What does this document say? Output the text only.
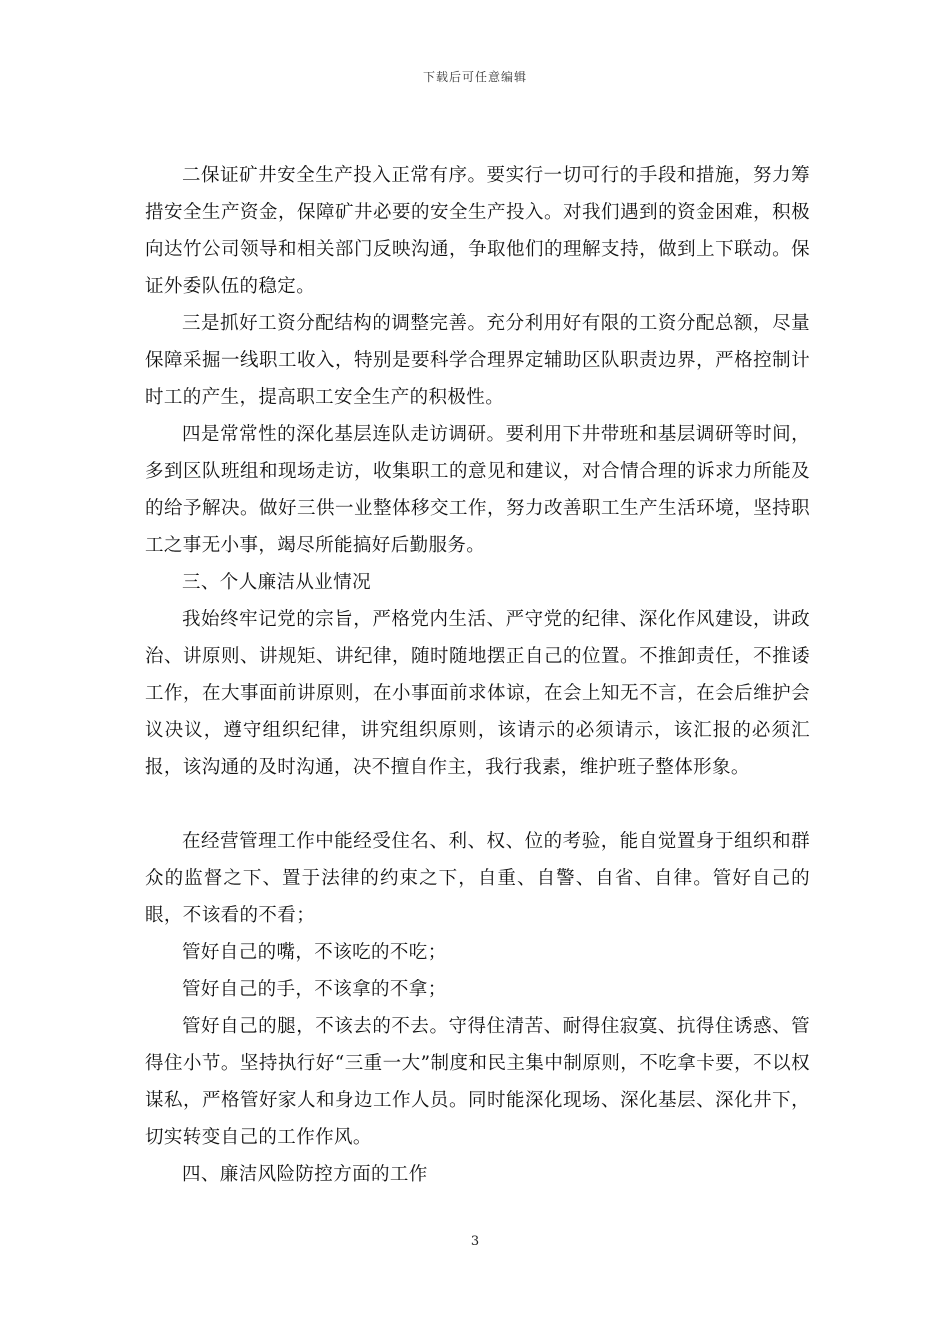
下载后可任意编辑

二保证矿井安全生产投入正常有序。要实行一切可行的手段和措施，努力筹措安全生产资金，保障矿井必要的安全生产投入。对我们遇到的资金困难，积极向达竹公司领导和相关部门反映沟通，争取他们的理解支持，做到上下联动。保证外委队伍的稳定。

三是抓好工资分配结构的调整完善。充分利用好有限的工资分配总额，尽量保障采掘一线职工收入，特别是要科学合理界定辅助区队职责边界，严格控制计时工的产生，提高职工安全生产的积极性。

四是常常性的深化基层连队走访调研。要利用下井带班和基层调研等时间，多到区队班组和现场走访，收集职工的意见和建议，对合情合理的诉求力所能及的给予解决。做好三供一业整体移交工作，努力改善职工生产生活环境，坚持职工之事无小事，竭尽所能搞好后勤服务。

三、个人廉洁从业情况

我始终牢记党的宗旨，严格党内生活、严守党的纪律、深化作风建设，讲政治、讲原则、讲规矩、讲纪律，随时随地摆正自己的位置。不推卸责任，不推诿工作，在大事面前讲原则，在小事面前求体谅，在会上知无不言，在会后维护会议决议，遵守组织纪律，讲究组织原则，该请示的必须请示，该汇报的必须汇报，该沟通的及时沟通，决不擅自作主，我行我素，维护班子整体形象。

在经营管理工作中能经受住名、利、权、位的考验，能自觉置身于组织和群众的监督之下、置于法律的约束之下，自重、自警、自省、自律。管好自己的眼，不该看的不看；

管好自己的嘴，不该吃的不吃；

管好自己的手，不该拿的不拿；

管好自己的腿，不该去的不去。守得住清苦、耐得住寂寞、抗得住诱惑、管得住小节。坚持执行好“三重一大”制度和民主集中制原则，不吃拿卡要，不以权谋私，严格管好家人和身边工作人员。同时能深化现场、深化基层、深化井下，切实转变自己的工作作风。

四、廉洁风险防控方面的工作

3
